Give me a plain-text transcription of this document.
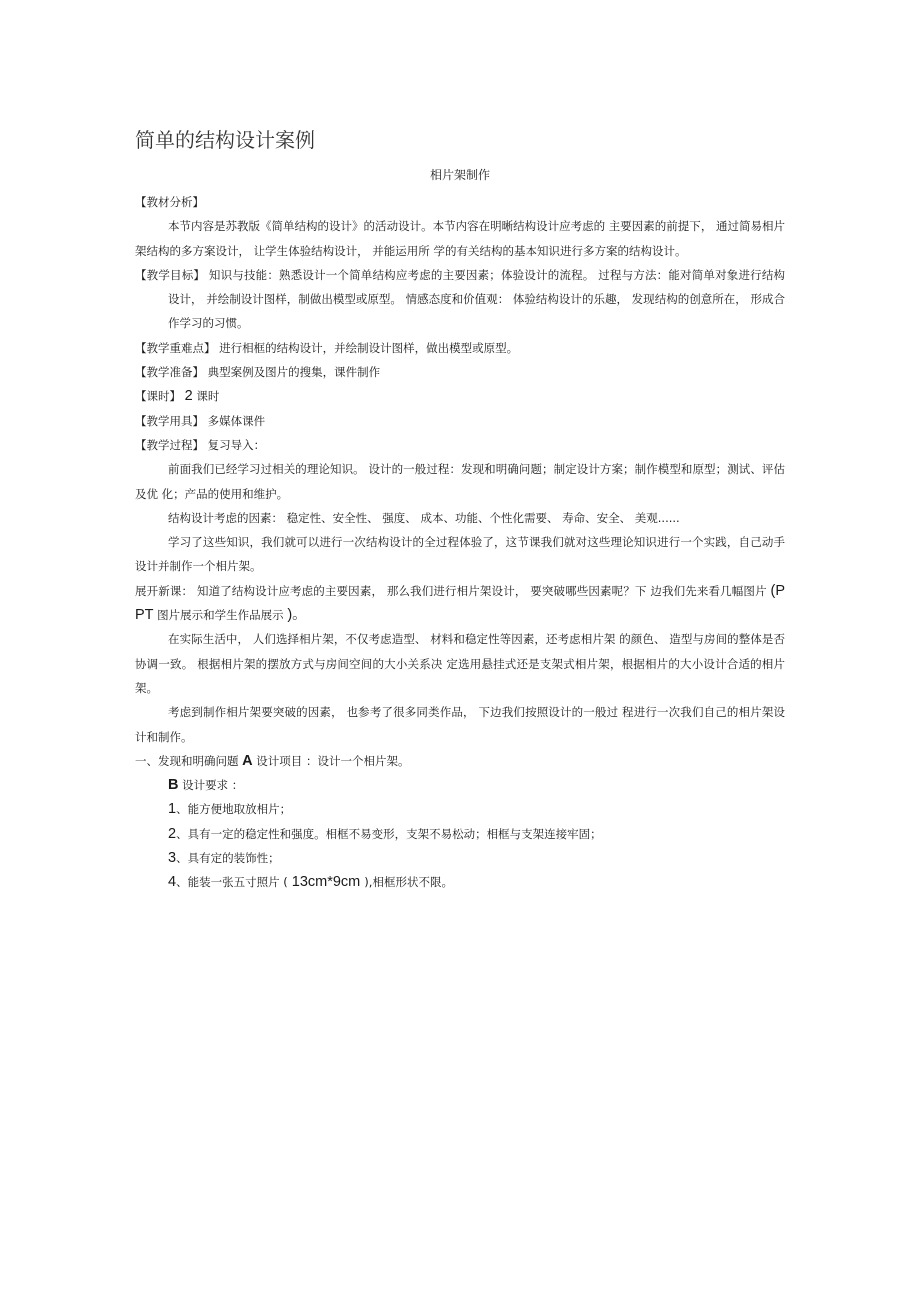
简单的结构设计案例
相片架制作

【教材分析】

本节内容是苏教版《简单结构的设计》的活动设计。本节内容在明晰结构设计应考虑的 主要因素的前提下， 通过简易相片架结构的多方案设计， 让学生体验结构设计， 并能运用所 学的有关结构的基本知识进行多方案的结构设计。

【教学目标】 知识与技能：熟悉设计一个简单结构应考虑的主要因素；体验设计的流程。 过程与方法：能对简单对象进行结构设计， 并绘制设计图样，制做出模型或原型。 情感态度和价值观： 体验结构设计的乐趣， 发现结构的创意所在， 形成合作学习的习惯。

【教学重难点】 进行相框的结构设计，并绘制设计图样，做出模型或原型。

【教学准备】 典型案例及图片的搜集，课件制作

【课时】 2 课时

【教学用具】 多媒体课件

【教学过程】 复习导入：

前面我们已经学习过相关的理论知识。 设计的一般过程：发现和明确问题；制定设计方案；制作模型和原型；测试、评估及优 化；产品的使用和维护。

结构设计考虑的因素： 稳定性、安全性、 强度、 成本、功能、个性化需要、 寿命、安全、 美观......

学习了这些知识，我们就可以进行一次结构设计的全过程体验了，这节课我们就对这些理论知识进行一个实践，自己动手设计并制作一个相片架。

展开新课： 知道了结构设计应考虑的主要因素， 那么我们进行相片架设计， 要突破哪些因素呢？下 边我们先来看几幅图片 (PPT 图片展示和学生作品展示 )。

在实际生活中， 人们选择相片架，不仅考虑造型、 材料和稳定性等因素，还考虑相片架 的颜色、 造型与房间的整体是否协调一致。 根据相片架的摆放方式与房间空间的大小关系决 定选用悬挂式还是支架式相片架，根据相片的大小设计合适的相片架。

考虑到制作相片架要突破的因素， 也参考了很多同类作品， 下边我们按照设计的一般过 程进行一次我们自己的相片架设计和制作。

一、发现和明确问题 A 设计项目 ：设计一个相片架。

B 设计要求 ：

1、能方便地取放相片；

2、具有一定的稳定性和强度。相框不易变形，支架不易松动；相框与支架连接牢固；

3、具有定的装饰性；

4、能装一张五寸照片 ( 13cm*9cm ),相框形状不限。
